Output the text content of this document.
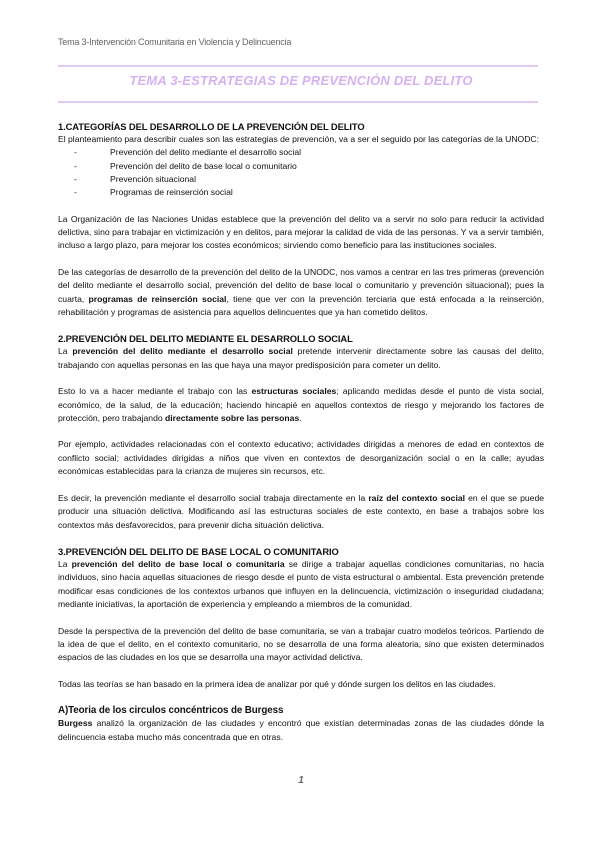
Tema 3-Intervención Comunitaria en Violencia y Delincuencia
TEMA 3-ESTRATEGIAS DE PREVENCIÓN DEL DELITO
1.CATEGORÍAS DEL DESARROLLO DE LA PREVENCIÓN DEL DELITO

El planteamiento para describir cuales son las estrategias de prevención, va a ser el seguido por las categorías de la UNODC:

-	Prevención del delito mediante el desarrollo social
-	Prevención del delito de base local o comunitario
-	Prevención situacional
-	Programas de reinserción social

La Organización de las Naciones Unidas establece que la prevención del delito va a servir no solo para reducir la actividad delictiva, sino para trabajar en victimización y en delitos, para mejorar la calidad de vida de las personas. Y va a servir también, incluso a largo plazo, para mejorar los costes económicos; sirviendo como beneficio para las instituciones sociales.

De las categorías de desarrollo de la prevención del delito de la UNODC, nos vamos a centrar en las tres primeras (prevención del delito mediante el desarrollo social, prevención del delito de base local o comunitario y prevención situacional); pues la cuarta, programas de reinserción social, tiene que ver con la prevención terciaria que está enfocada a la reinserción, rehabilitación y programas de asistencia para aquellos delincuentes que ya han cometido delitos.

2.PREVENCIÓN DEL DELITO MEDIANTE EL DESARROLLO SOCIAL

La prevención del delito mediante el desarrollo social pretende intervenir directamente sobre las causas del delito, trabajando con aquellas personas en las que haya una mayor predisposición para cometer un delito.

Esto lo va a hacer mediante el trabajo con las estructuras sociales; aplicando medidas desde el punto de vista social, económico, de la salud, de la educación; haciendo hincapié en aquellos contextos de riesgo y mejorando los factores de protección, pero trabajando directamente sobre las personas.

Por ejemplo, actividades relacionadas con el contexto educativo; actividades dirigidas a menores de edad en contextos de conflicto social; actividades dirigidas a niños que viven en contextos de desorganización social o en la calle; ayudas económicas establecidas para la crianza de mujeres sin recursos, etc.

Es decir, la prevención mediante el desarrollo social trabaja directamente en la raíz del contexto social en el que se puede producir una situación delictiva. Modificando así las estructuras sociales de este contexto, en base a trabajos sobre los contextos más desfavorecidos, para prevenir dicha situación delictiva.

3.PREVENCIÓN DEL DELITO DE BASE LOCAL O COMUNITARIO

La prevención del delito de base local o comunitaria se dirige a trabajar aquellas condiciones comunitarias, no hacia individuos, sino hacia aquellas situaciones de riesgo desde el punto de vista estructural o ambiental. Esta prevención pretende modificar esas condiciones de los contextos urbanos que influyen en la delincuencia, victimización o inseguridad ciudadana; mediante iniciativas, la aportación de experiencia y empleando a miembros de la comunidad.

Desde la perspectiva de la prevención del delito de base comunitaria, se van a trabajar cuatro modelos teóricos. Partiendo de la idea de que el delito, en el contexto comunitario, no se desarrolla de una forma aleatoria, sino que existen determinados espacios de las ciudades en los que se desarrolla una mayor actividad delictiva.

Todas las teorías se han basado en la primera idea de analizar por qué y dónde surgen los delitos en las ciudades.

A)Teoria de los circulos concéntricos de Burgess

Burgess analizó la organización de las ciudades y encontró que existían determinadas zonas de las ciudades dónde la delincuencia estaba mucho más concentrada que en otras.

1
